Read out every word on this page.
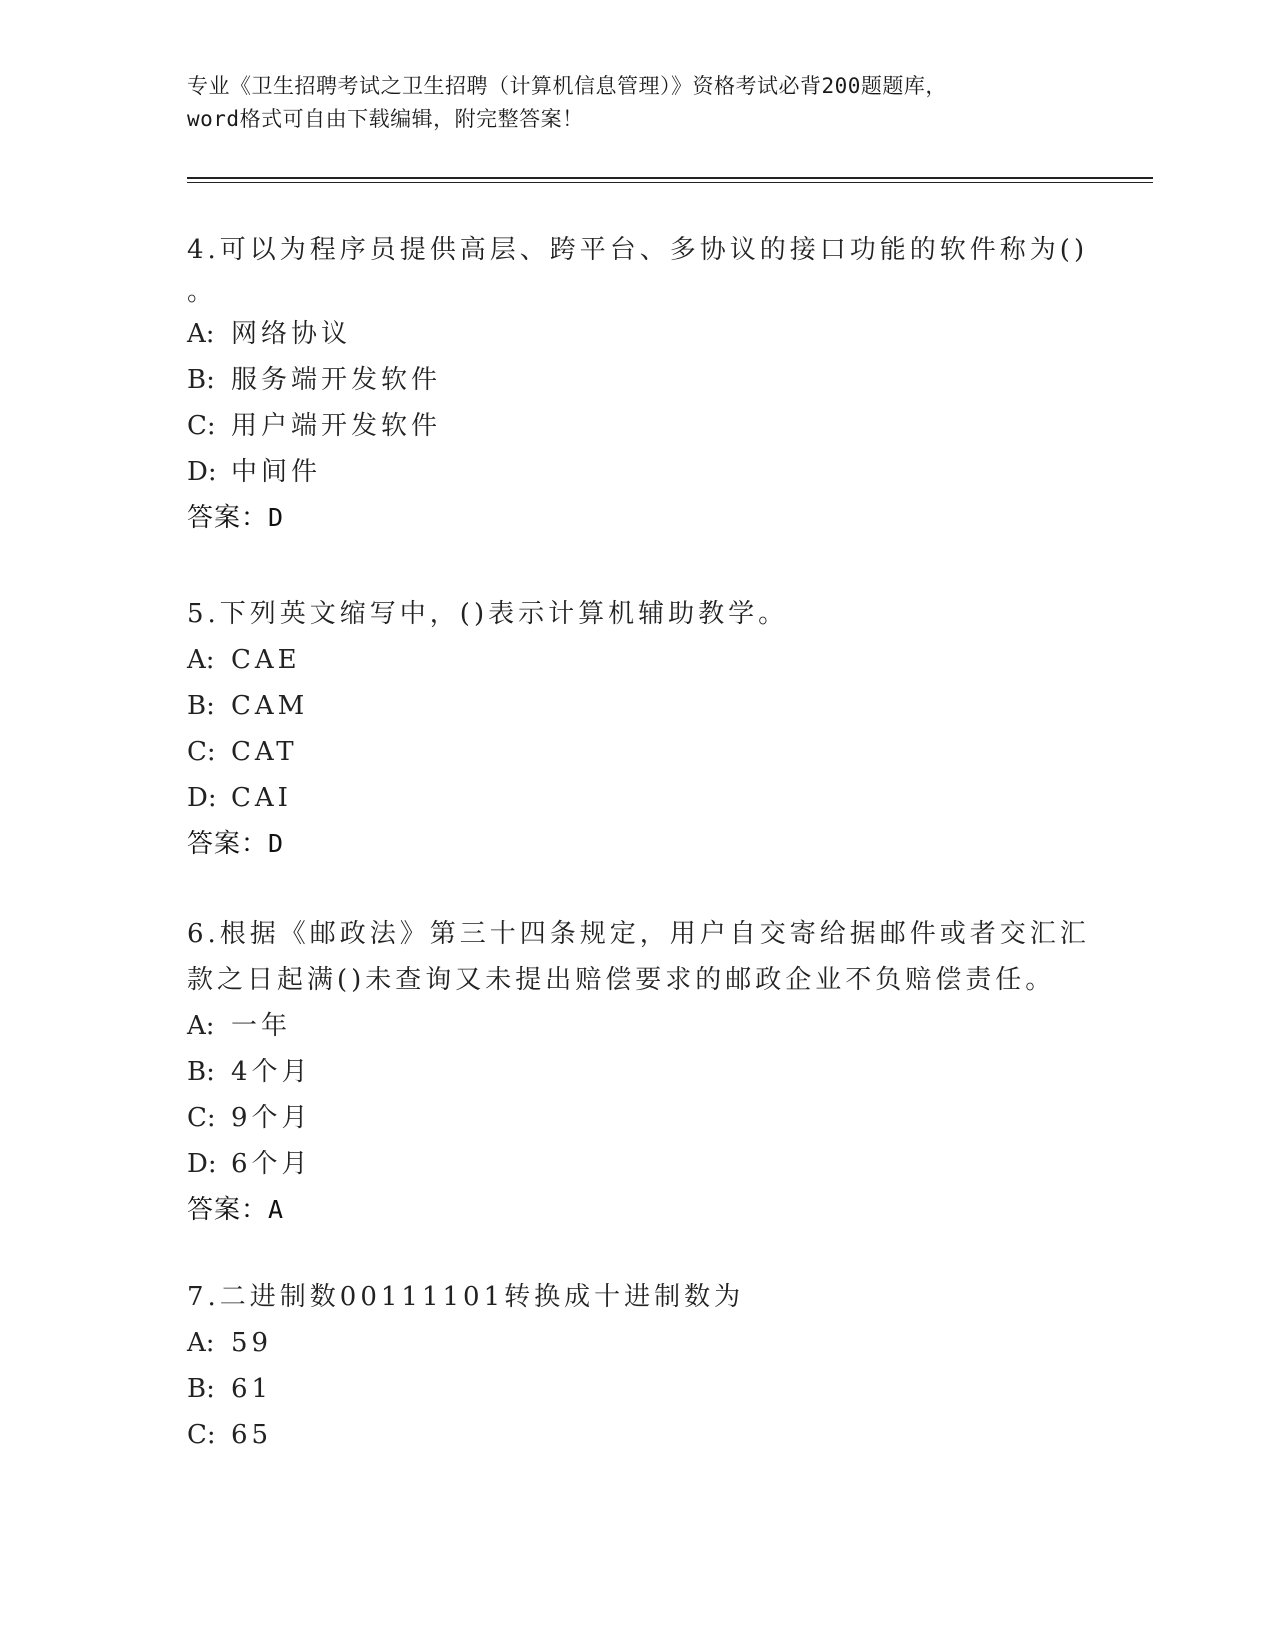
专业《卫生招聘考试之卫生招聘（计算机信息管理）》资格考试必背200题题库，
word格式可自由下载编辑，附完整答案！
4.可以为程序员提供高层、跨平台、多协议的接口功能的软件称为()
。
A: 网络协议
B: 服务端开发软件
C: 用户端开发软件
D: 中间件
答案：D
5.下列英文缩写中，()表示计算机辅助教学。
A: CAE
B: CAM
C: CAT
D: CAI
答案：D
6.根据《邮政法》第三十四条规定，用户自交寄给据邮件或者交汇汇
款之日起满()未查询又未提出赔偿要求的邮政企业不负赔偿责任。
A: 一年
B: 4个月
C: 9个月
D: 6个月
答案：A
7.二进制数00111101转换成十进制数为
A: 59
B: 61
C: 65
